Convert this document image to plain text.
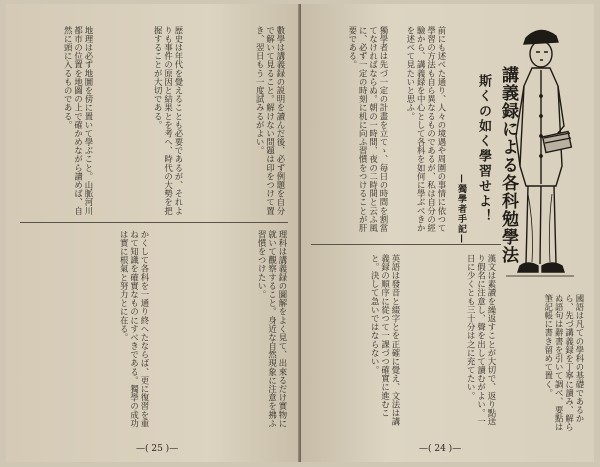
數學は講義録の説明を讀んだ後、必ず例題を自分で解いて見ること。解けない問題は印をつけて置き、翌日もう一度試みるがよい。

歴史は年代を覺えることも必要であるが、それよりも事件の原因と結果とを考へ、時代の大勢を把握することが大切である。

地理は必ず地圖を傍に置いて學ぶこと。山脈河川都市の位置を地圖の上で確かめながら讀めば、自然に頭に入るものである。

理科は講義録の圖解をよく見て、出來るだけ實物に就いて觀察すること。身近な自然現象に注意を拂ふ習慣をつけたい。

かくして各科を一通り終へたならば、更に復習を重ねて知識を確實なものにすべきである。獨學の成功は實に根氣と努力とに在る。

—( 25 )—

前にも述べた通り、人々の境遇や周圍の事情に依つて學習の方法も自ら異なるものであるが、私は自分の經驗から、講義録を中心として各科を如何に學ぶべきかを述べて見たいと思ふ。

獨學者は先づ一定の計畫を立てゝ、毎日の時間を割當てなければならぬ。朝の一時間、夜の二時間と云ふ風に、必ず一定の時刻に机に向ふ習慣をつけることが肝要である。

國語は凡ての學科の基礎であるから、先づ講義録を丁寧に讀み、解らぬ語句は辭書を引いて調べ、要點は筆記帳に書き留めて置く。

漢文は素讀を繰返すことが大切で、返り點送り假名に注意し、聲を出して讀むがよい。一日に少くとも三十分は之に充てたい。

英語は發音と綴字とを正確に覺え、文法は講義録の順序に從つて一課づつ確實に進むこと。決して急いではならない。

—( 24 )—
講義録による各科勉學法
斯くの如く學習せよ！
—獨學者手記—
